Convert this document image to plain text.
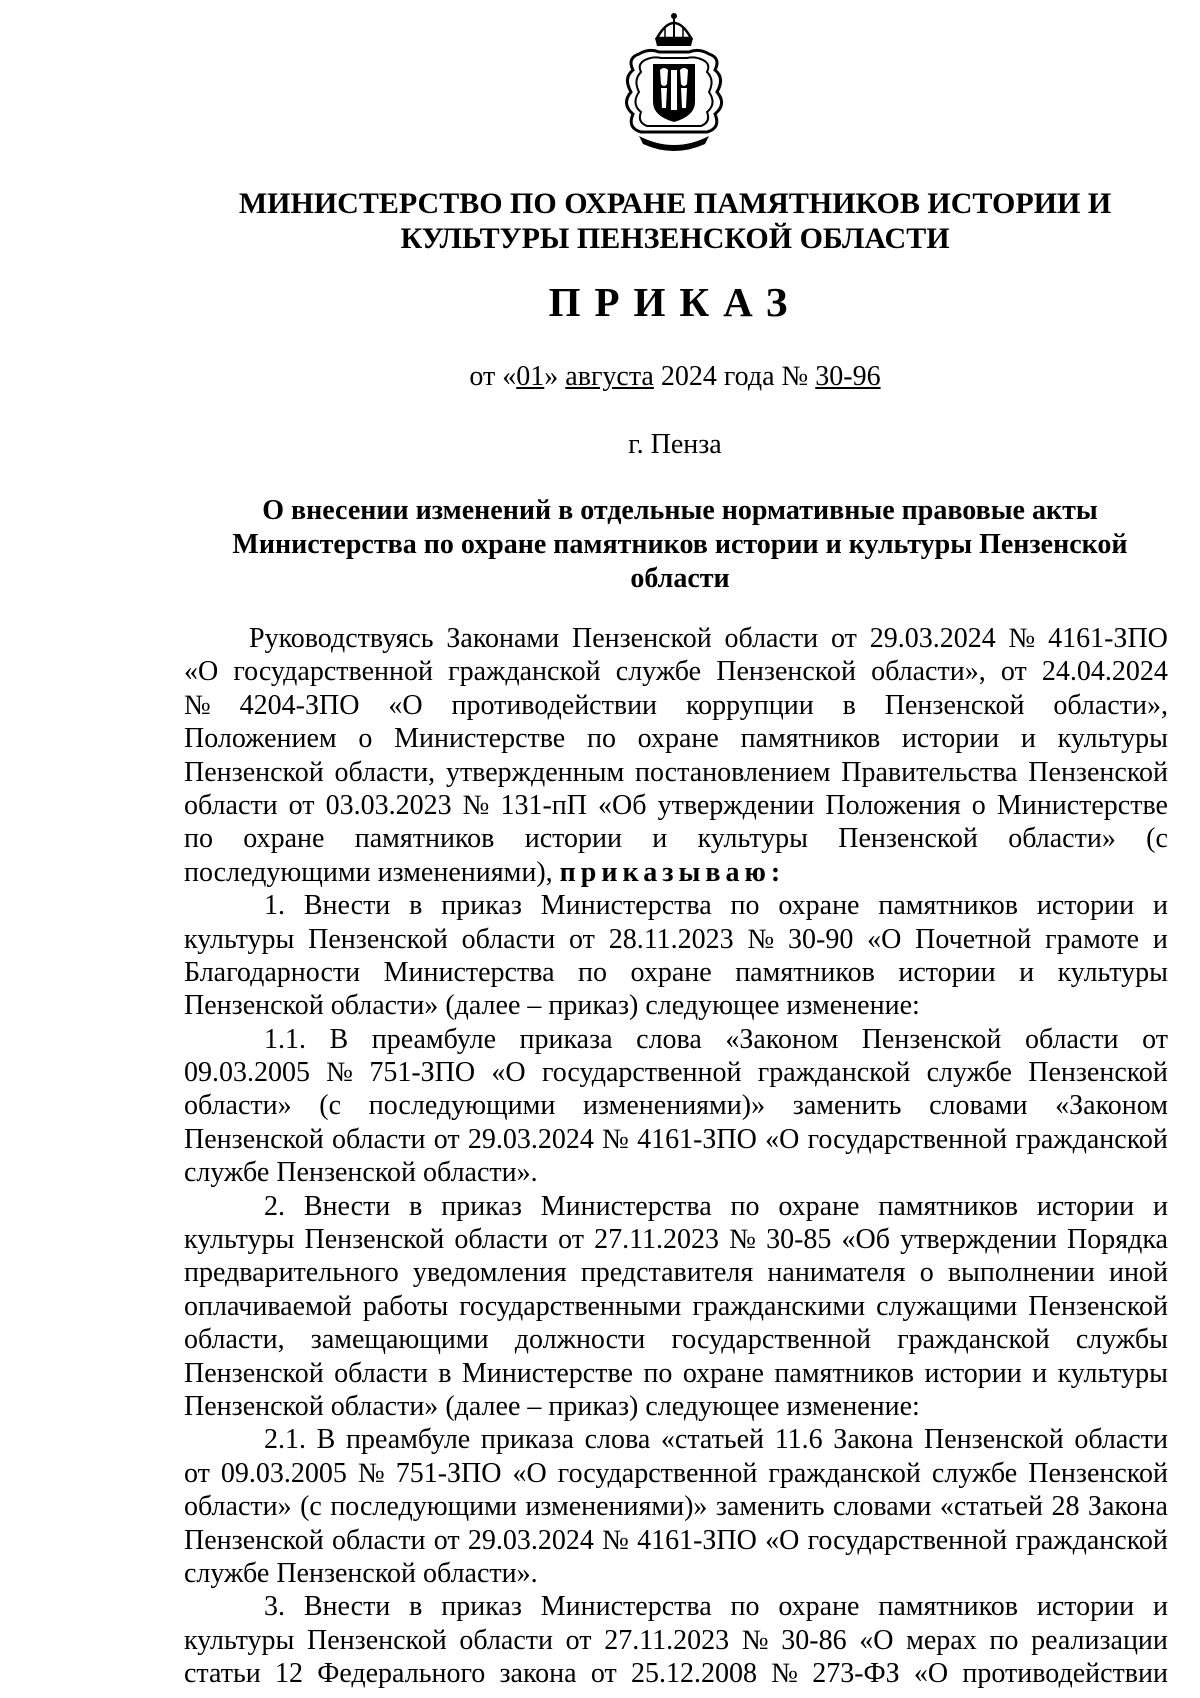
МИНИСТЕРСТВО ПО ОХРАНЕ ПАМЯТНИКОВ ИСТОРИИ И
КУЛЬТУРЫ ПЕНЗЕНСКОЙ ОБЛАСТИ
ПРИКАЗ
от «01» августа 2024 года № 30-96
г. Пенза
О внесении изменений в отдельные нормативные правовые акты
Министерства по охране памятников истории и культуры Пензенской
области
Руководствуясь Законами Пензенской области от 29.03.2024 № 4161-ЗПО
«О государственной гражданской службе Пензенской области», от 24.04.2024
№ 4204-ЗПО «О противодействии коррупции в Пензенской области»,
Положением о Министерстве по охране памятников истории и культуры
Пензенской области, утвержденным постановлением Правительства Пензенской
области от 03.03.2023 № 131-пП «Об утверждении Положения о Министерстве
по охране памятников истории и культуры Пензенской области» (с
последующими изменениями), приказываю:
1. Внести в приказ Министерства по охране памятников истории и
культуры Пензенской области от 28.11.2023 № 30-90 «О Почетной грамоте и
Благодарности Министерства по охране памятников истории и культуры
Пензенской области» (далее – приказ) следующее изменение:
1.1. В преамбуле приказа слова «Законом Пензенской области от
09.03.2005 № 751-ЗПО «О государственной гражданской службе Пензенской
области» (с последующими изменениями)» заменить словами «Законом
Пензенской области от 29.03.2024 № 4161-ЗПО «О государственной гражданской
службе Пензенской области».
2. Внести в приказ Министерства по охране памятников истории и
культуры Пензенской области от 27.11.2023 № 30-85 «Об утверждении Порядка
предварительного уведомления представителя нанимателя о выполнении иной
оплачиваемой работы государственными гражданскими служащими Пензенской
области, замещающими должности государственной гражданской службы
Пензенской области в Министерстве по охране памятников истории и культуры
Пензенской области» (далее – приказ) следующее изменение:
2.1. В преамбуле приказа слова «статьей 11.6 Закона Пензенской области
от 09.03.2005 № 751-ЗПО «О государственной гражданской службе Пензенской
области» (с последующими изменениями)» заменить словами «статьей 28 Закона
Пензенской области от 29.03.2024 № 4161-ЗПО «О государственной гражданской
службе Пензенской области».
3. Внести в приказ Министерства по охране памятников истории и
культуры Пензенской области от 27.11.2023 № 30-86 «О мерах по реализации
статьи 12 Федерального закона от 25.12.2008 № 273-ФЗ «О противодействии
